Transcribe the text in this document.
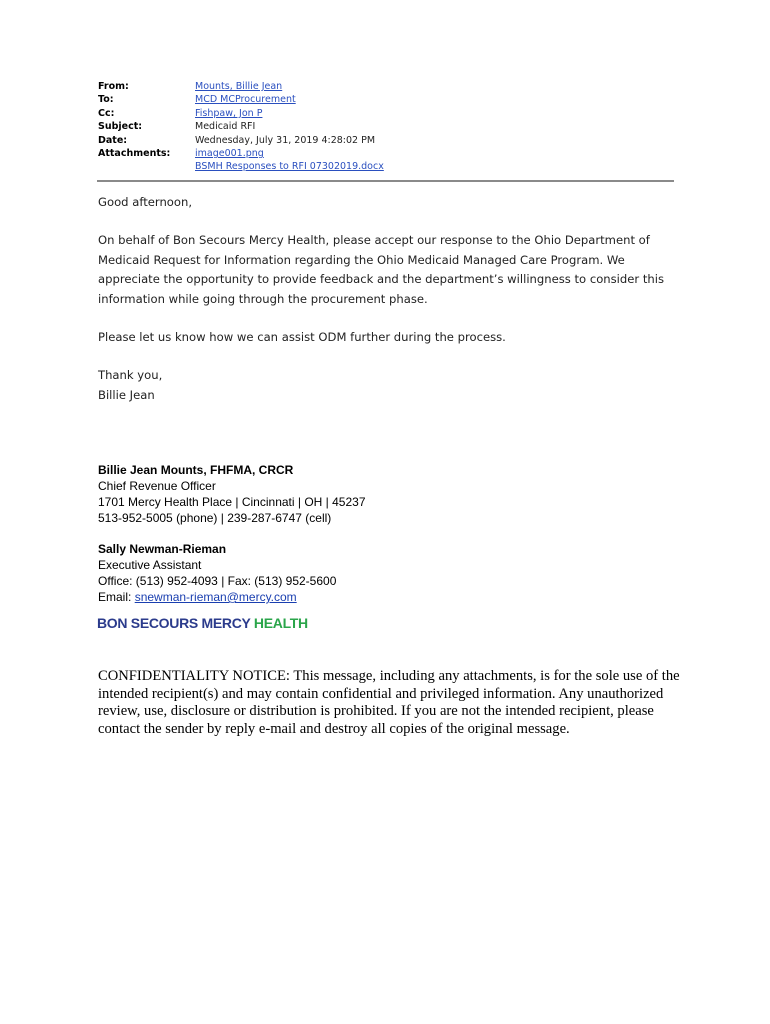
From:	Mounts, Billie Jean
To:	MCD MCProcurement
Cc:	Fishpaw, Jon P
Subject:	Medicaid RFI
Date:	Wednesday, July 31, 2019 4:28:02 PM
Attachments:	image001.png
BSMH Responses to RFI 07302019.docx

Good afternoon,

On behalf of Bon Secours Mercy Health, please accept our response to the Ohio Department of Medicaid Request for Information regarding the Ohio Medicaid Managed Care Program. We appreciate the opportunity to provide feedback and the department’s willingness to consider this information while going through the procurement phase.

Please let us know how we can assist ODM further during the process.

Thank you,

Billie Jean

Billie Jean Mounts, FHFMA, CRCR
Chief Revenue Officer
1701 Mercy Health Place | Cincinnati | OH | 45237
513-952-5005 (phone) | 239-287-6747 (cell)
Sally Newman-Rieman
Executive Assistant
Office: (513) 952-4093 | Fax: (513) 952-5600
Email: snewman-rieman@mercy.com
BON SECOURS MERCY HEALTH
CONFIDENTIALITY NOTICE: This message, including any attachments, is for the sole use of the intended recipient(s) and may contain confidential and privileged information. Any unauthorized review, use, disclosure or distribution is prohibited. If you are not the intended recipient, please contact the sender by reply e-mail and destroy all copies of the original message.
